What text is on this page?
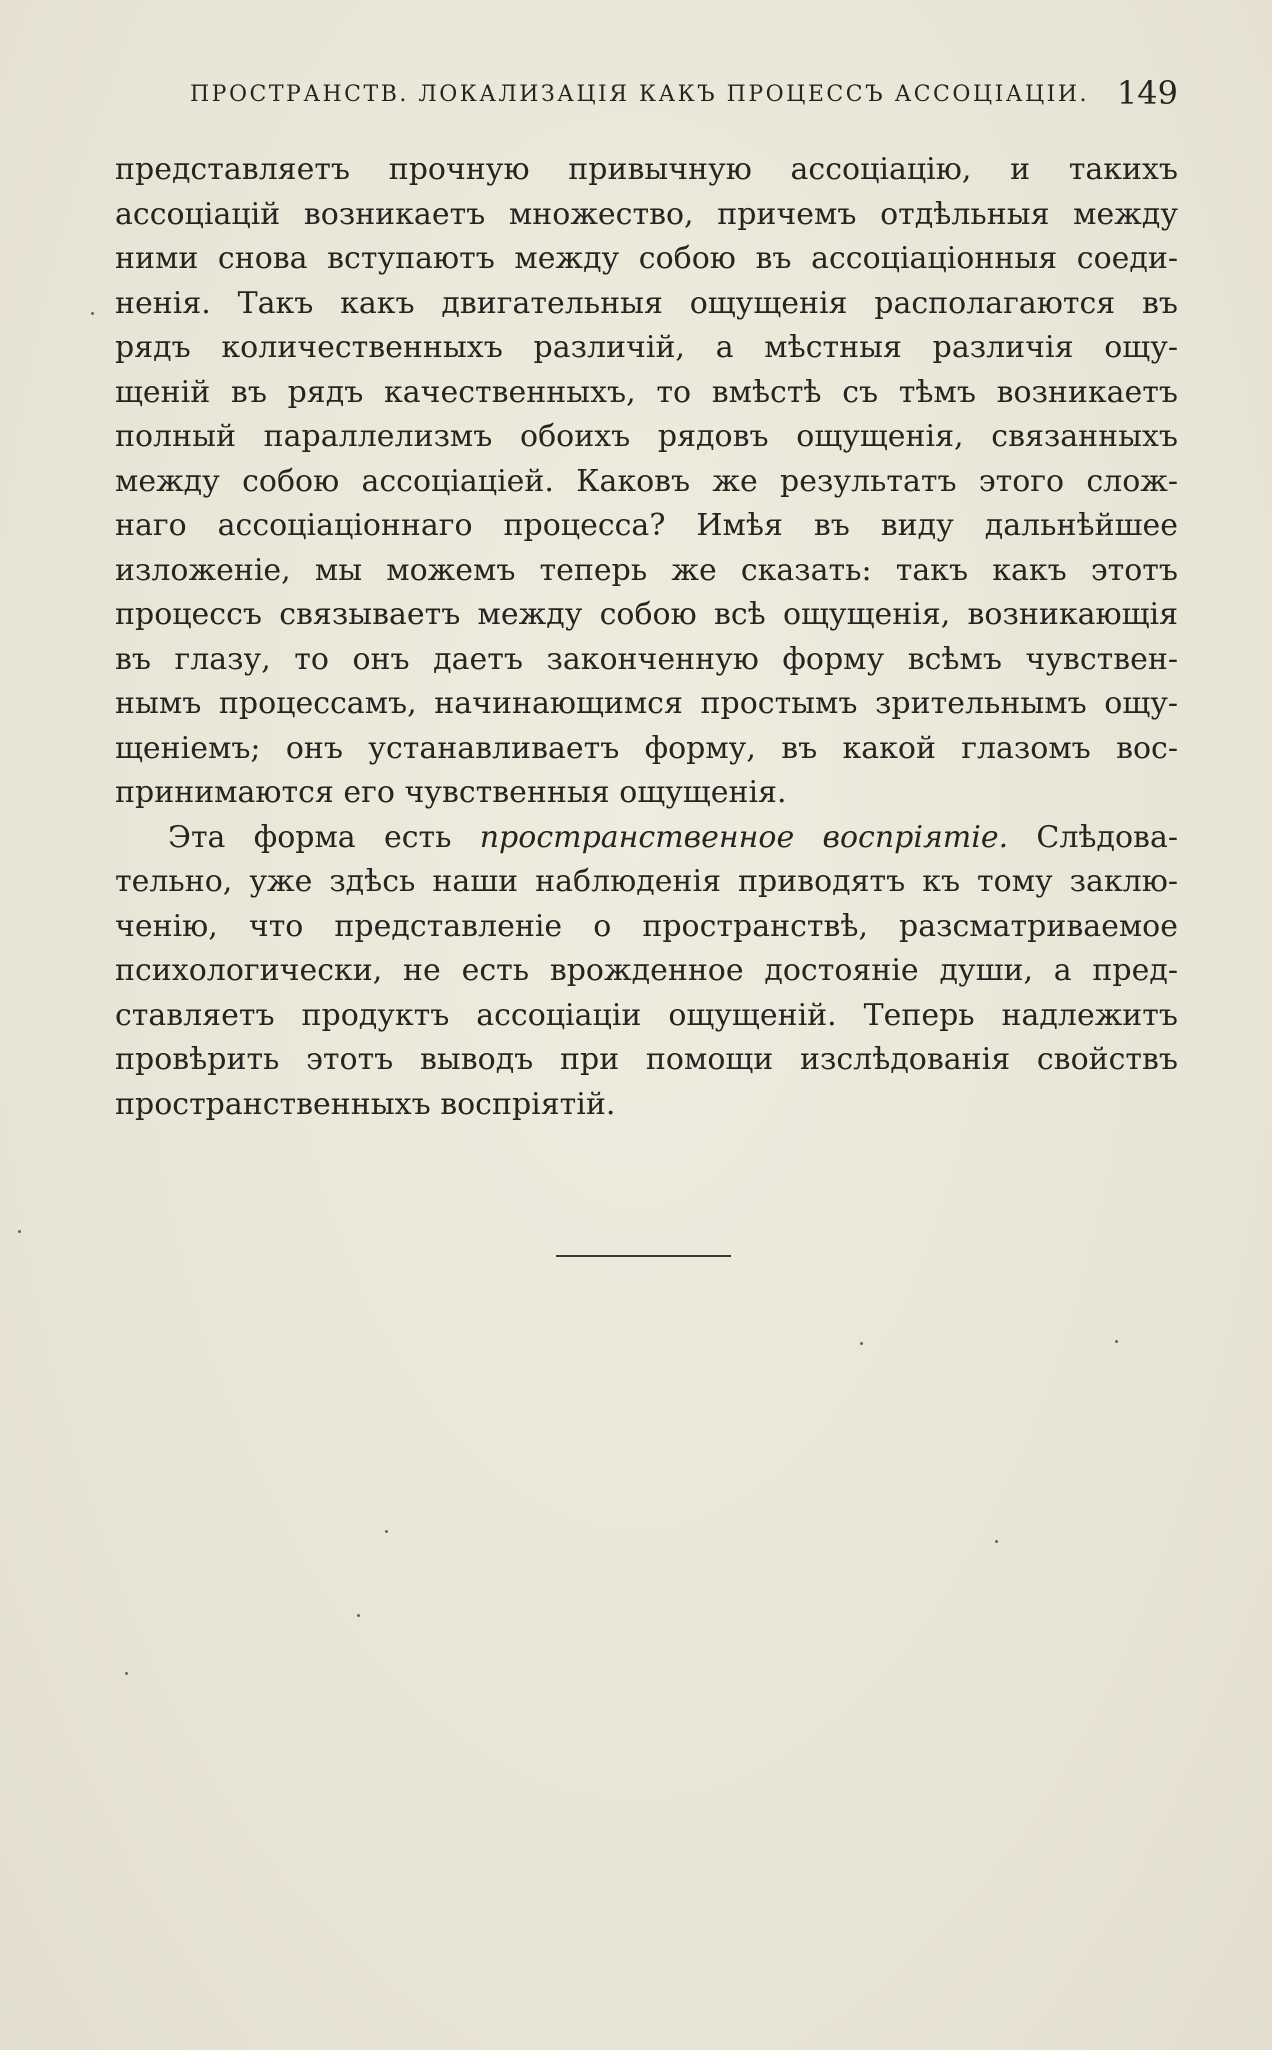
ПРОСТРАНСТВ. ЛОКАЛИЗАЦІЯ КАКЪ ПРОЦЕССЪ АССОЦІАЦІИ. 149
представляетъ прочную привычную ассоціацію, и такихъ
ассоціацій возникаетъ множество, причемъ отдѣльныя между
ними снова вступаютъ между собою въ ассоціаціонныя соеди-
ненія. Такъ какъ двигательныя ощущенія располагаются въ
рядъ количественныхъ различій, а мѣстныя различія ощу-
щеній въ рядъ качественныхъ, то вмѣстѣ съ тѣмъ возникаетъ
полный параллелизмъ обоихъ рядовъ ощущенія, связанныхъ
между собою ассоціаціей. Каковъ же результатъ этого слож-
наго ассоціаціоннаго процесса? Имѣя въ виду дальнѣйшее
изложеніе, мы можемъ теперь же сказать: такъ какъ этотъ
процессъ связываетъ между собою всѣ ощущенія, возникающія
въ глазу, то онъ даетъ законченную форму всѣмъ чувствен-
нымъ процессамъ, начинающимся простымъ зрительнымъ ощу-
щеніемъ; онъ устанавливаетъ форму, въ какой глазомъ вос-
принимаются его чувственныя ощущенія.
Эта форма есть пространственное воспріятіе. Слѣдова-
тельно, уже здѣсь наши наблюденія приводятъ къ тому заклю-
ченію, что представленіе о пространствѣ, разсматриваемое
психологически, не есть врожденное достояніе души, а пред-
ставляетъ продуктъ ассоціаціи ощущеній. Теперь надлежитъ
провѣрить этотъ выводъ при помощи изслѣдованія свойствъ
пространственныхъ воспріятій.
